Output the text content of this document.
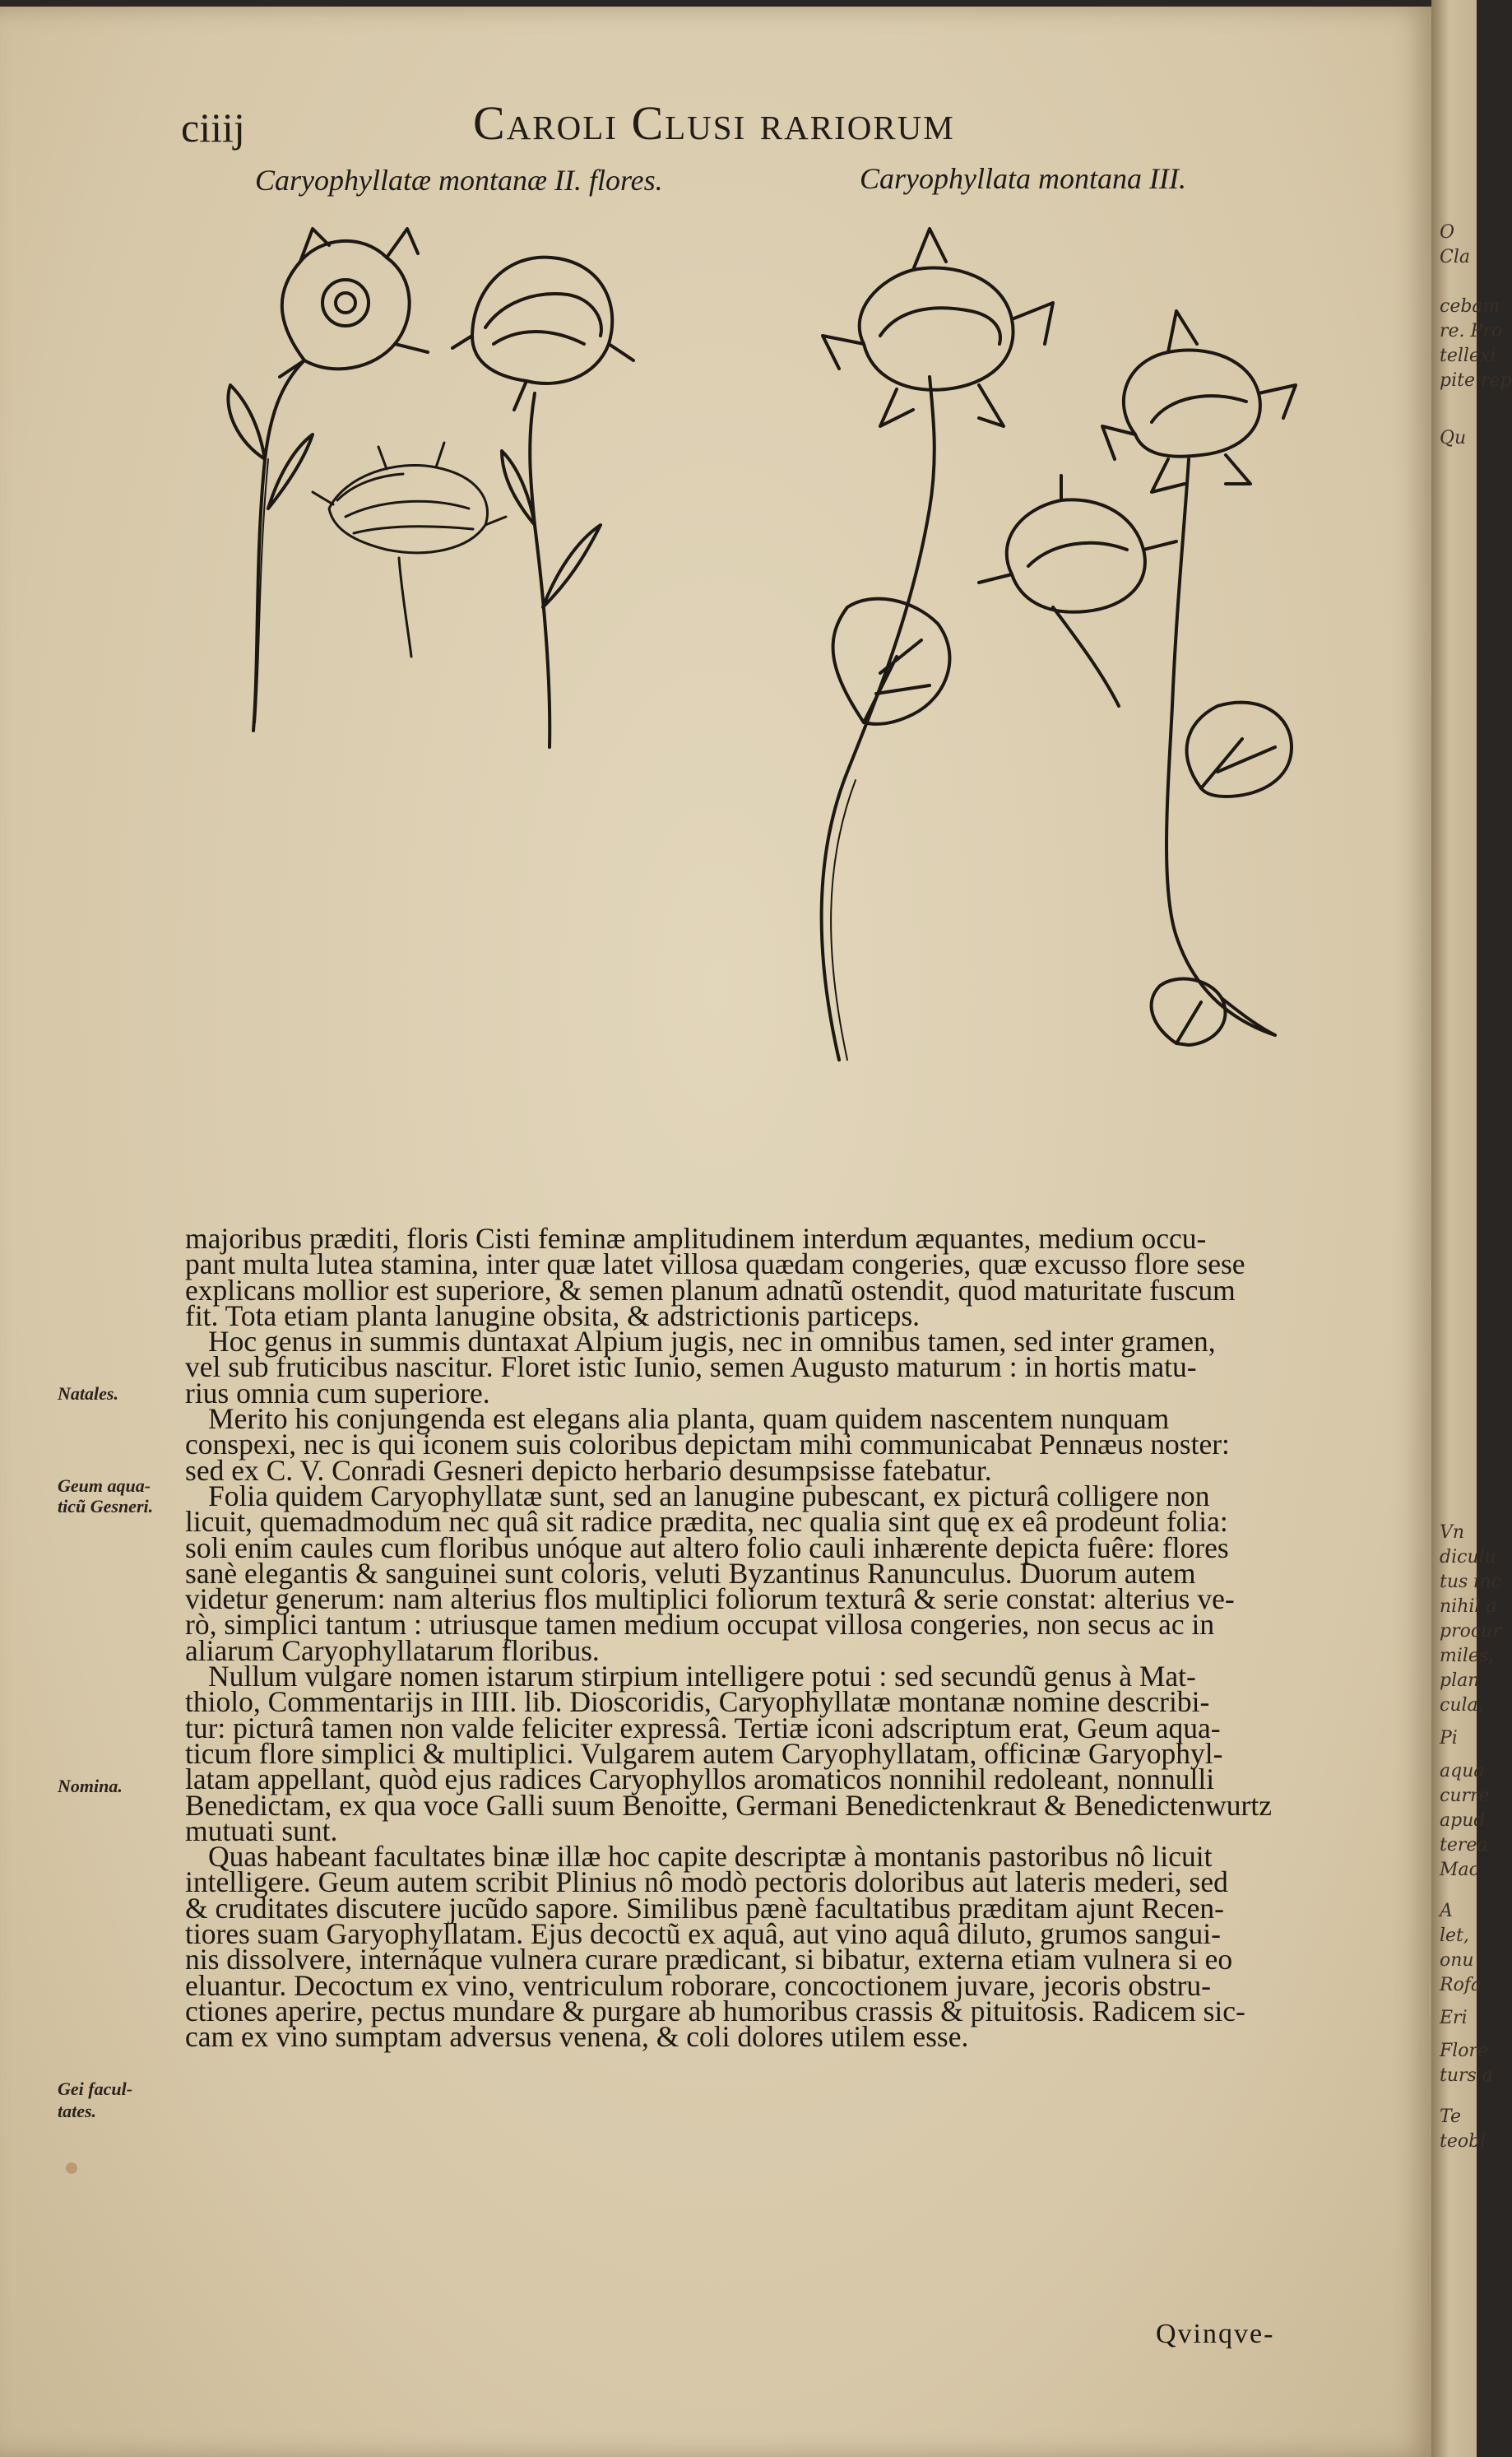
ciiij	Caroli Clusi rariorum
Caryophyllatæ montanæ II. flores.	Caryophyllata montana III.
Natales.
Geum aqua-
ticũ Gesneri.
Nomina.
Gei facul-
tates.
majoribus præditi, floris Cisti feminæ amplitudinem interdum æquantes, medium occu-
pant multa lutea stamina, inter quæ latet villosa quædam congeries, quæ excusso flore sese
explicans mollior est superiore, & semen planum adnatũ ostendit, quod maturitate fuscum
fit. Tota etiam planta lanugine obsita, & adstrictionis particeps.
Hoc genus in summis duntaxat Alpium jugis, nec in omnibus tamen, sed inter gramen,
vel sub fruticibus nascitur. Floret istic Iunio, semen Augusto maturum : in hortis matu-
rius omnia cum superiore.
Merito his conjungenda est elegans alia planta, quam quidem nascentem nunquam
conspexi, nec is qui iconem suis coloribus depictam mihi communicabat Pennæus noster:
sed ex C. V. Conradi Gesneri depicto herbario desumpsisse fatebatur.
Folia quidem Caryophyllatæ sunt, sed an lanugine pubescant, ex picturâ colligere non
licuit, quemadmodum nec quâ sit radice prædita, nec qualia sint quę ex eâ prodeunt folia:
soli enim caules cum floribus unóque aut altero folio cauli inhærente depicta fuêre: flores
sanè elegantis & sanguinei sunt coloris, veluti Byzantinus Ranunculus. Duorum autem
videtur generum: nam alterius flos multiplici foliorum texturâ & serie constat: alterius ve-
rò, simplici tantum : utriusque tamen medium occupat villosa congeries, non secus ac in
aliarum Caryophyllatarum floribus.
Nullum vulgare nomen istarum stirpium intelligere potui : sed secundũ genus à Mat-
thiolo, Commentarijs in IIII. lib. Dioscoridis, Caryophyllatæ montanæ nomine describi-
tur: picturâ tamen non valde feliciter expressâ. Tertiæ iconi adscriptum erat, Geum aqua-
ticum flore simplici & multiplici. Vulgarem autem Caryophyllatam, officinæ Garyophyl-
latam appellant, quòd ejus radices Caryophyllos aromaticos nonnihil redoleant, nonnulli
Benedictam, ex qua voce Galli suum Benoitte, Germani Benedictenkraut & Benedictenwurtz
mutuati sunt.
Quas habeant facultates binæ illæ hoc capite descriptæ à montanis pastoribus nô licuit
intelligere. Geum autem scribit Plinius nô modò pectoris doloribus aut lateris mederi, sed
& cruditates discutere jucũdo sapore. Similibus pænè facultatibus præditam ajunt Recen-
tiores suam Garyophyllatam. Ejus decoctũ ex aquâ, aut vino aquâ diluto, grumos sangui-
nis dissolvere, internáque vulnera curare prædicant, si bibatur, externa etiam vulnera si eo
eluantur. Decoctum ex vino, ventriculum roborare, concoctionem juvare, jecoris obstru-
ctiones aperire, pectus mundare & purgare ab humoribus crassis & pituitosis. Radicem sic-
cam ex vino sumptam adversus venena, & coli dolores utilem esse.
Qvinqve-
O
Cla
cebam
re. Pro
tellexi
pite rep
Qu
Vn
diculu
tus inc
nihil a
procur
miles,
plan
cula,
Pi
aqua
curre
apud
terea
Mac
A
let,
onu
Rofa
Eri
Flore
turs a
Te
teobl
